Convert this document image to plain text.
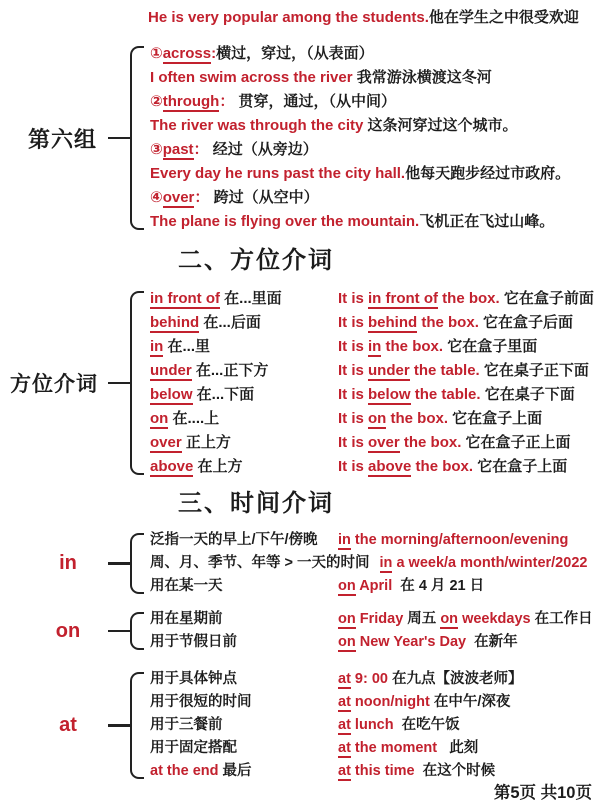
He is very popular among the students.他在学生之中很受欢迎
第六组
①across:横过，穿过，（从表面）
I often swim across the river 我常游泳横渡这冬河
②through： 贯穿，通过，（从中间）
The river was through the city 这条河穿过这个城市。
③past： 经过（从旁边）
Every day he runs past the city hall.他每天跑步经过市政府。
④over： 跨过（从空中）
The plane is flying over the mountain.飞机正在飞过山峰。
二、方位介词
方位介词
in front of 在...里面	It is in front of the box. 它在盒子前面
behind 在...后面	It is behind the box. 它在盒子后面
in 在...里	It is in the box. 它在盒子里面
under 在...正下方	It is under the table. 它在桌子正下面
below 在...下面	It is below the table. 它在桌子下面
on 在....上	It is on the box. 它在盒子上面
over 正上方	It is over the box. 它在盒子正上面
above 在上方	It is above the box. 它在盒子上面
三、时间介词
in
泛指一天的早上/下午/傍晚	in the morning/afternoon/evening
周、月、季节、年等 > 一天的时间 in a week/a month/winter/2022
用在某一天	on April  在 4 月 21 日
on
用在星期前	on Friday 周五 on weekdays 在工作日
用于节假日前	on New Year's Day  在新年
at
用于具体钟点	at 9: 00 在九点【波波老师】
用于很短的时间	at noon/night 在中午/深夜
用于三餐前	at lunch  在吃午饭
用于固定搭配	at the moment   此刻
at the end 最后	at this time  在这个时候
第5页 共10页
